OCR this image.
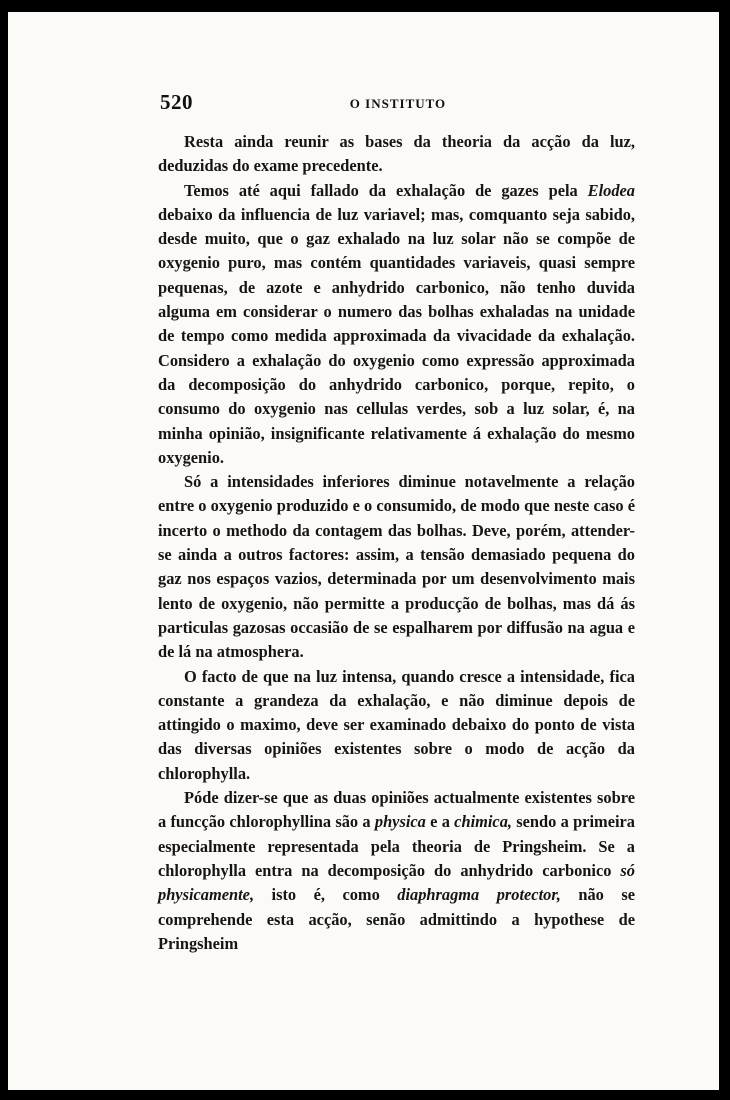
520	O INSTITUTO

Resta ainda reunir as bases da theoria da acção da luz, deduzidas do exame precedente.

Temos até aqui fallado da exhalação de gazes pela Elodea debaixo da influencia de luz variavel; mas, comquanto seja sabido, desde muito, que o gaz exhalado na luz solar não se compõe de oxygenio puro, mas contém quantidades variaveis, quasi sempre pequenas, de azote e anhydrido carbonico, não tenho duvida alguma em considerar o numero das bolhas exhaladas na unidade de tempo como medida approximada da vivacidade da exhalação. Considero a exhalação do oxygenio como expressão approximada da decomposição do anhydrido carbonico, porque, repito, o consumo do oxygenio nas cellulas verdes, sob a luz solar, é, na minha opinião, insignificante relativamente á exhalação do mesmo oxygenio.

Só a intensidades inferiores diminue notavelmente a relação entre o oxygenio produzido e o consumido, de modo que neste caso é incerto o methodo da contagem das bolhas. Deve, porém, attender-se ainda a outros factores: assim, a tensão demasiado pequena do gaz nos espaços vazios, determinada por um desenvolvimento mais lento de oxygenio, não permitte a producção de bolhas, mas dá ás particulas gazosas occasião de se espalharem por diffusão na agua e de lá na atmosphera.

O facto de que na luz intensa, quando cresce a intensidade, fica constante a grandeza da exhalação, e não diminue depois de attingido o maximo, deve ser examinado debaixo do ponto de vista das diversas opiniões existentes sobre o modo de acção da chlorophylla.

Póde dizer-se que as duas opiniões actualmente existentes sobre a funcção chlorophyllina são a physica e a chimica, sendo a primeira especialmente representada pela theoria de Pringsheim. Se a chlorophylla entra na decomposição do anhydrido carbonico só physicamente, isto é, como diaphragma protector, não se comprehende esta acção, senão admittindo a hypothese de Pringsheim
